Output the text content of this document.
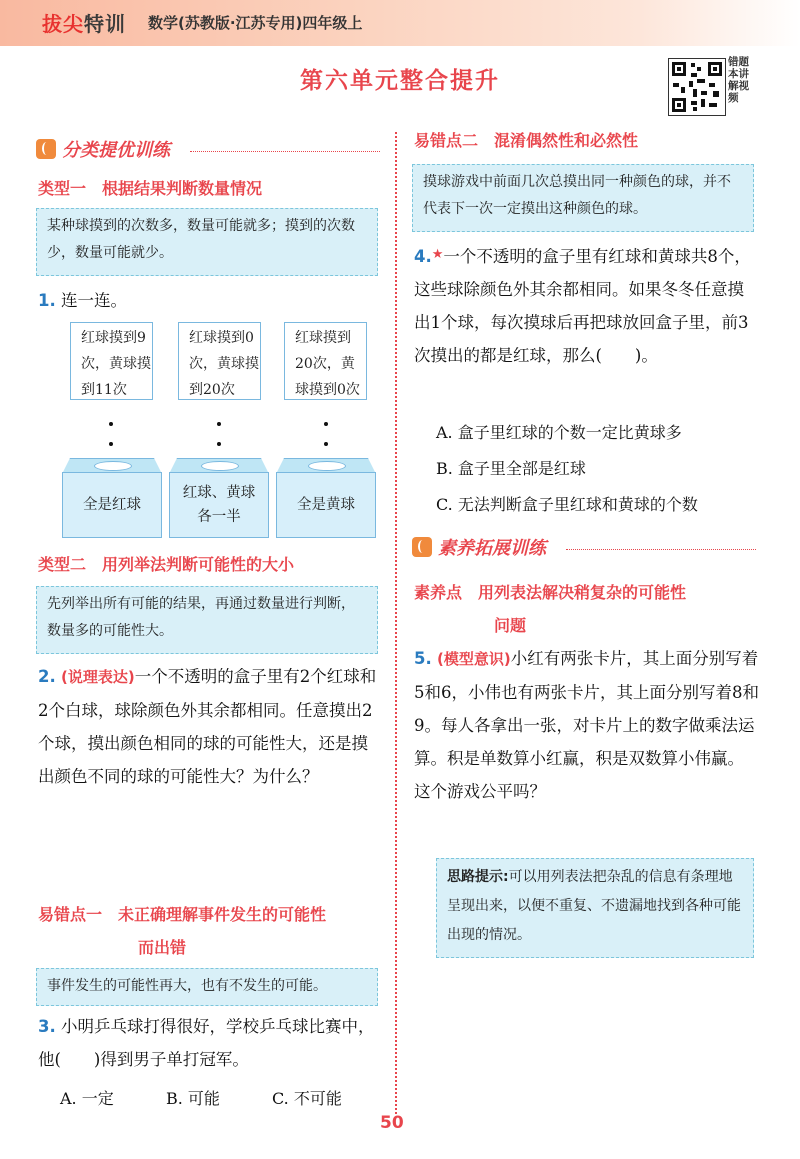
拔尖特训 数学(苏教版·江苏专用)四年级上
第六单元整合提升
错题本讲解视频
分类提优训练
类型一　根据结果判断数量情况
某种球摸到的次数多，数量可能就多；摸到的次数少，数量可能就少。
1. 连一连。
红球摸到9次，黄球摸到11次
红球摸到0次，黄球摸到20次
红球摸到20次，黄球摸到0次
全是红球
红球、黄球各一半
全是黄球
类型二　用列举法判断可能性的大小
先列举出所有可能的结果，再通过数量进行判断，数量多的可能性大。
2. (说理表达)一个不透明的盒子里有2个红球和2个白球，球除颜色外其余都相同。任意摸出2个球，摸出颜色相同的球的可能性大，还是摸出颜色不同的球的可能性大？为什么？
易错点一　未正确理解事件发生的可能性
而出错
事件发生的可能性再大，也有不发生的可能。
3. 小明乒乓球打得很好，学校乒乓球比赛中，他(　　)得到男子单打冠军。
A. 一定	B. 可能	C. 不可能
易错点二　混淆偶然性和必然性
摸球游戏中前面几次总摸出同一种颜色的球，并不代表下一次一定摸出这种颜色的球。
4.★一个不透明的盒子里有红球和黄球共8个，这些球除颜色外其余都相同。如果冬冬任意摸出1个球，每次摸球后再把球放回盒子里，前3次摸出的都是红球，那么(　　)。
A. 盒子里红球的个数一定比黄球多
B. 盒子里全部是红球
C. 无法判断盒子里红球和黄球的个数
素养拓展训练
素养点　用列表法解决稍复杂的可能性
问题
5. (模型意识)小红有两张卡片，其上面分别写着5和6，小伟也有两张卡片，其上面分别写着8和9。每人各拿出一张，对卡片上的数字做乘法运算。积是单数算小红赢，积是双数算小伟赢。这个游戏公平吗？
思路提示:可以用列表法把杂乱的信息有条理地呈现出来，以便不重复、不遗漏地找到各种可能出现的情况。
50
